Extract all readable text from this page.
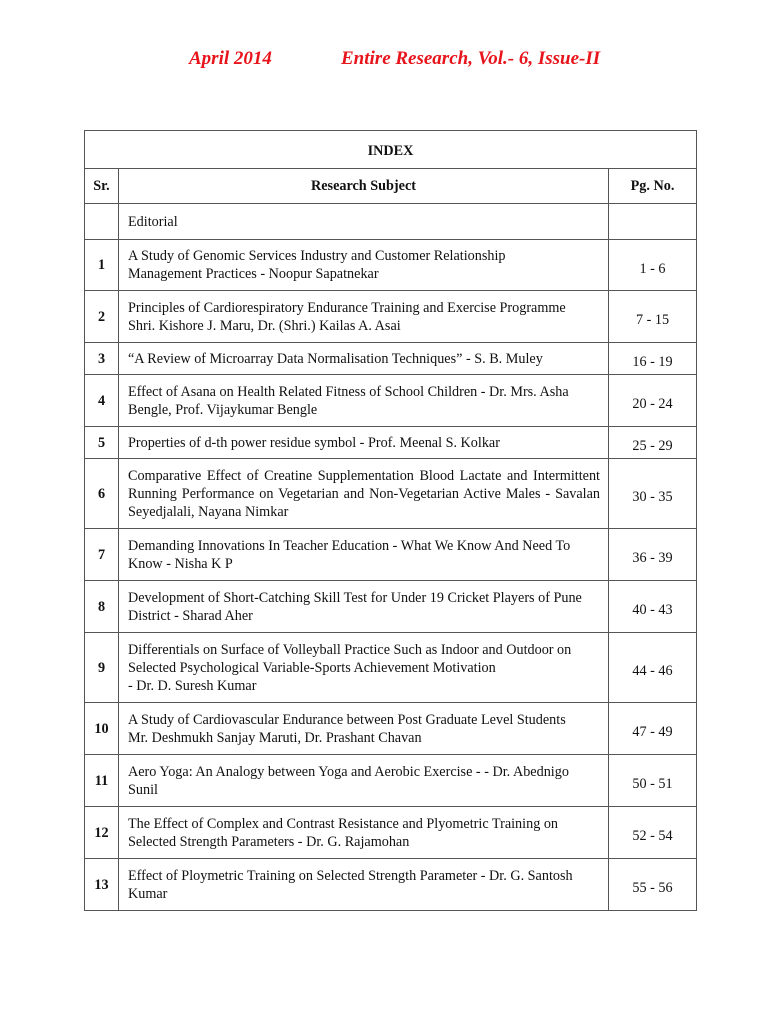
April 2014	Entire Research, Vol.- 6, Issue-II
INDEX		
Sr.	Research Subject	Pg. No.
	Editorial	
1	A Study of Genomic Services Industry and Customer Relationship
Management Practices - Noopur Sapatnekar	1 - 6
2	Principles of Cardiorespiratory Endurance Training and Exercise Programme
Shri. Kishore J. Maru, Dr. (Shri.) Kailas A. Asai	7 - 15
3	“A Review of Microarray Data Normalisation Techniques” - S. B. Muley	16 - 19
4	Effect of Asana on Health Related Fitness of School Children - Dr. Mrs. Asha
Bengle, Prof. Vijaykumar Bengle	20 - 24
5	Properties of d-th power residue symbol - Prof. Meenal S. Kolkar	25 - 29
6	Comparative Effect of Creatine Supplementation Blood Lactate and Intermittent Running Performance on Vegetarian and Non-Vegetarian Active Males - Savalan Seyedjalali, Nayana Nimkar	30 - 35
7	Demanding Innovations In Teacher Education - What We Know And Need To
Know - Nisha K P	36 - 39
8	Development of Short-Catching Skill Test for Under 19 Cricket Players of Pune
District - Sharad Aher	40 - 43
9	Differentials on Surface of Volleyball Practice Such as Indoor and Outdoor on
Selected Psychological Variable-Sports Achievement Motivation
- Dr. D. Suresh Kumar	44 - 46
10	A Study of Cardiovascular Endurance between Post Graduate Level Students
Mr. Deshmukh Sanjay Maruti, Dr. Prashant Chavan	47 - 49
11	Aero Yoga: An Analogy between Yoga and Aerobic Exercise - - Dr. Abednigo
Sunil	50 - 51
12	The Effect of Complex and Contrast Resistance and Plyometric Training on
Selected Strength Parameters - Dr. G. Rajamohan	52 - 54
13	Effect of Ploymetric Training on Selected Strength Parameter - Dr. G. Santosh
Kumar	55 - 56
